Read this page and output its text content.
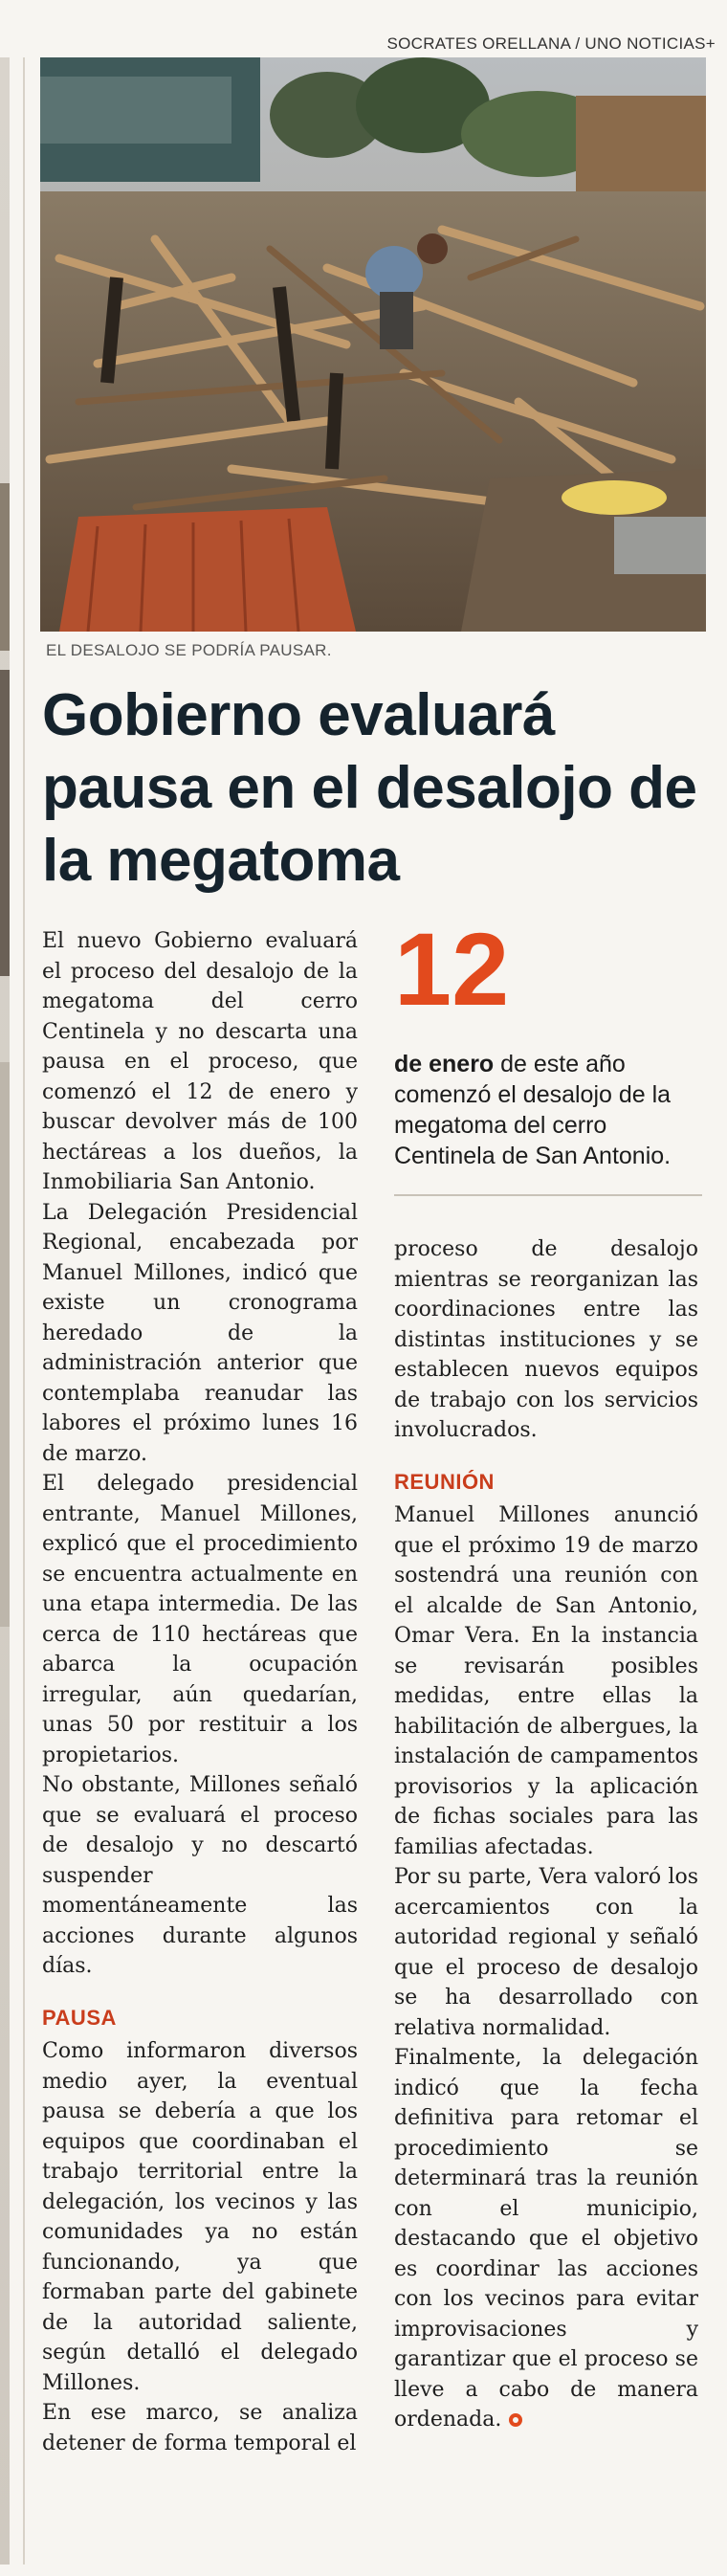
SOCRATES ORELLANA / UNO NOTICIAS+
EL DESALOJO SE PODRÍA PAUSAR.
Gobierno evaluará pausa en el desalojo de la megatoma

El nuevo Gobierno evaluará el proceso del desalojo de la megatoma del cerro Centinela y no descarta una pausa en el proceso, que comenzó el 12 de enero y buscar devolver más de 100 hectáreas a los dueños, la Inmobiliaria San Antonio.

La Delegación Presidencial Regional, encabezada por Manuel Millones, indicó que existe un cronograma heredado de la administración anterior que contemplaba reanudar las labores el próximo lunes 16 de marzo.

El delegado presidencial entrante, Manuel Millones, explicó que el procedimiento se encuentra actualmente en una etapa intermedia. De las cerca de 110 hectáreas que abarca la ocupación irregular, aún quedarían, unas 50 por restituir a los propietarios.

No obstante, Millones señaló que se evaluará el proceso de desalojo y no descartó suspender momentáneamente las acciones durante algunos días.

PAUSA

Como informaron diversos medio ayer, la eventual pausa se debería a que los equipos que coordinaban el trabajo territorial entre la delegación, los vecinos y las comunidades ya no están funcionando, ya que formaban parte del gabinete de la autoridad saliente, según detalló el delegado Millones.

En ese marco, se analiza detener de forma temporal el

12
de enero de este año comenzó el desalojo de la megatoma del cerro Centinela de San Antonio.

proceso de desalojo mientras se reorganizan las coordinaciones entre las distintas instituciones y se establecen nuevos equipos de trabajo con los servicios involucrados.

REUNIÓN

Manuel Millones anunció que el próximo 19 de marzo sostendrá una reunión con el alcalde de San Antonio, Omar Vera. En la instancia se revisarán posibles medidas, entre ellas la habilitación de albergues, la instalación de campamentos provisorios y la aplicación de fichas sociales para las familias afectadas.

Por su parte, Vera valoró los acercamientos con la autoridad regional y señaló que el proceso de desalojo se ha desarrollado con relativa normalidad.

Finalmente, la delegación indicó que la fecha definitiva para retomar el procedimiento se determinará tras la reunión con el municipio, destacando que el objetivo es coordinar las acciones con los vecinos para evitar improvisaciones y garantizar que el proceso se lleve a cabo de manera ordenada.
